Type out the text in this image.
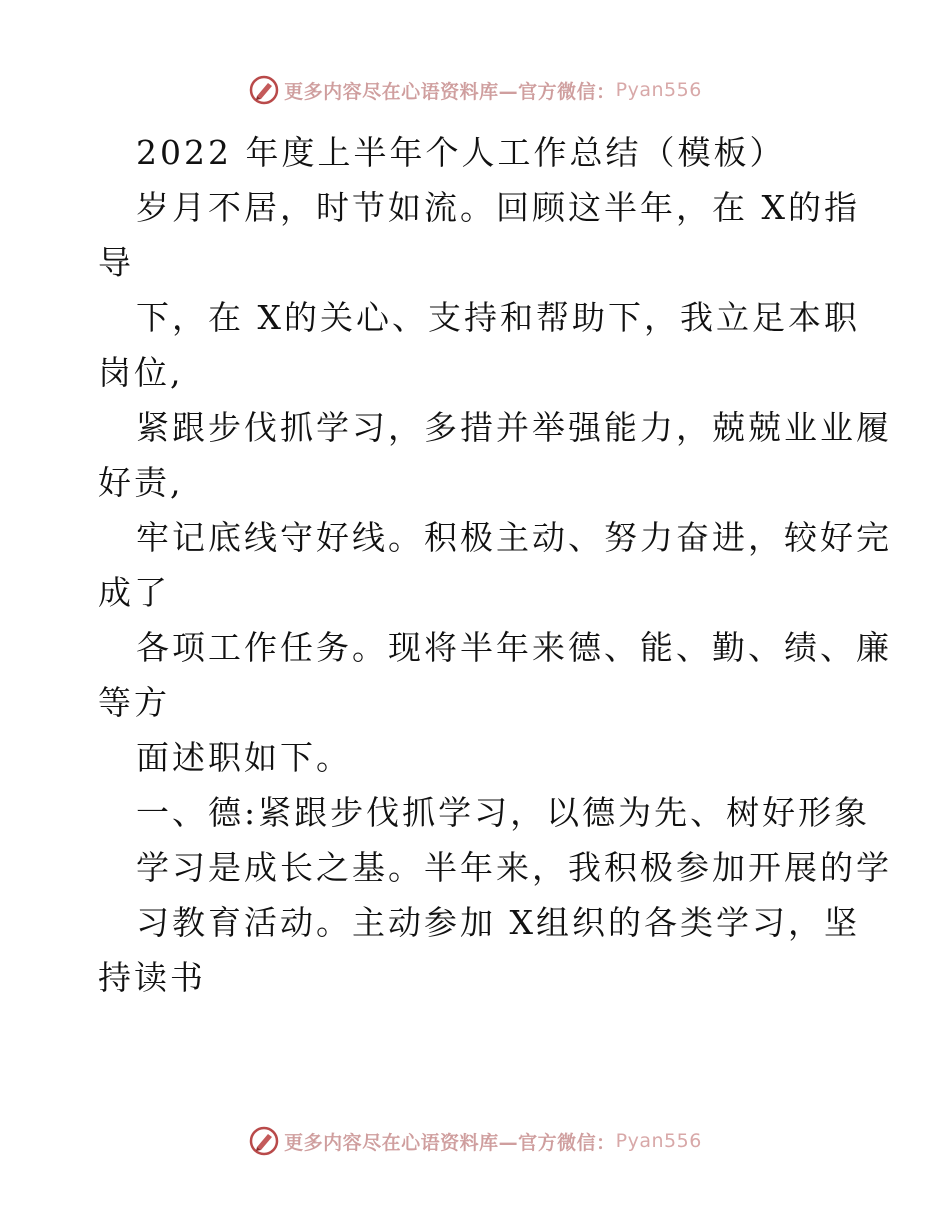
更多内容尽在心语资料库—官方微信： Pyan556
2022 年度上半年个人工作总结（模板）
岁月不居，时节如流。回顾这半年，在 X的指
导
下，在 X的关心、支持和帮助下，我立足本职
岗位,
紧跟步伐抓学习，多措并举强能力，兢兢业业履
好责,
牢记底线守好线。积极主动、努力奋进，较好完
成了
各项工作任务。现将半年来德、能、勤、绩、廉
等方
面述职如下。
一、德:紧跟步伐抓学习，以德为先、树好形象
学习是成长之基。半年来，我积极参加开展的学
习教育活动。主动参加 X组织的各类学习，坚
持读书
更多内容尽在心语资料库—官方微信： Pyan556
